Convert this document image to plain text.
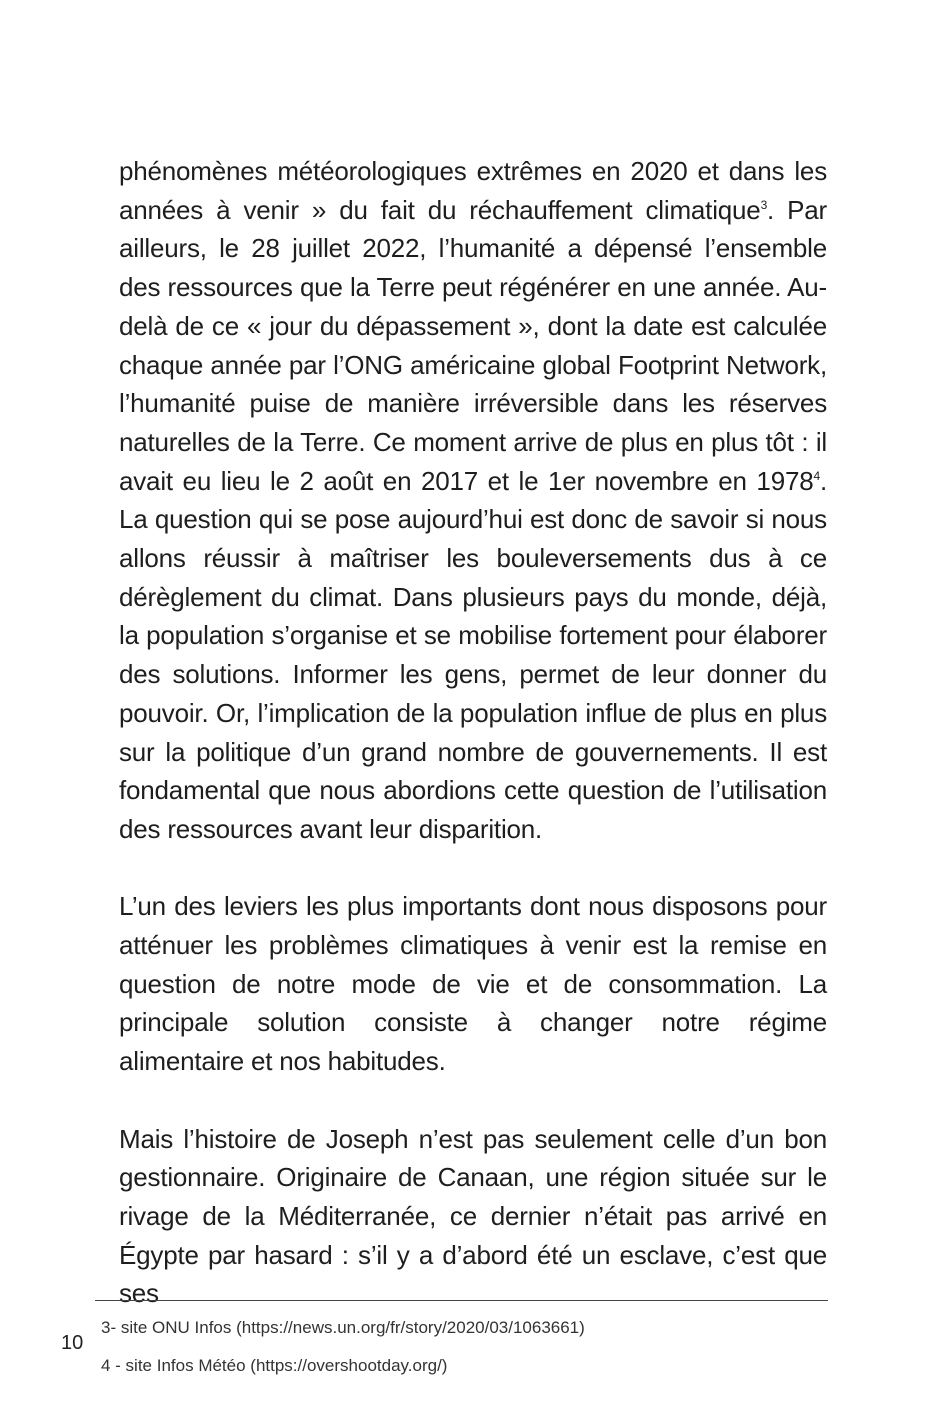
phénomènes météorologiques extrêmes en 2020 et dans les années à venir » du fait du réchauffement climatique$^3$. Par ailleurs, le 28 juillet 2022, l’humanité a dépensé l’ensemble des ressources que la Terre peut régénérer en une année. Au-delà de ce « jour du dépassement », dont la date est calculée chaque année par l’ONG américaine global Footprint Network, l’humanité puise de manière irréversible dans les réserves naturelles de la Terre. Ce moment arrive de plus en plus tôt : il avait eu lieu le 2 août en 2017 et le 1er novembre en 1978$^4$. La question qui se pose aujourd’hui est donc de savoir si nous allons réussir à maîtriser les bouleversements dus à ce dérèglement du climat. Dans plusieurs pays du monde, déjà, la population s’organise et se mobilise fortement pour élaborer des solutions. Informer les gens, permet de leur donner du pouvoir. Or, l’implication de la population influe de plus en plus sur la politique d’un grand nombre de gouvernements. Il est fondamental que nous abordions cette question de l’utilisation des ressources avant leur disparition.

L’un des leviers les plus importants dont nous disposons pour atténuer les problèmes climatiques à venir est la remise en question de notre mode de vie et de consommation. La principale solution consiste à changer notre régime alimentaire et nos habitudes.

Mais l’histoire de Joseph n’est pas seulement celle d’un bon gestionnaire. Originaire de Canaan, une région située sur le rivage de la Méditerranée, ce dernier n’était pas arrivé en Égypte par hasard : s’il y a d’abord été un esclave, c’est que ses

10

3- site ONU Infos (https://news.un.org/fr/story/2020/03/1063661)

4 - site Infos Météo (https://overshootday.org/)
